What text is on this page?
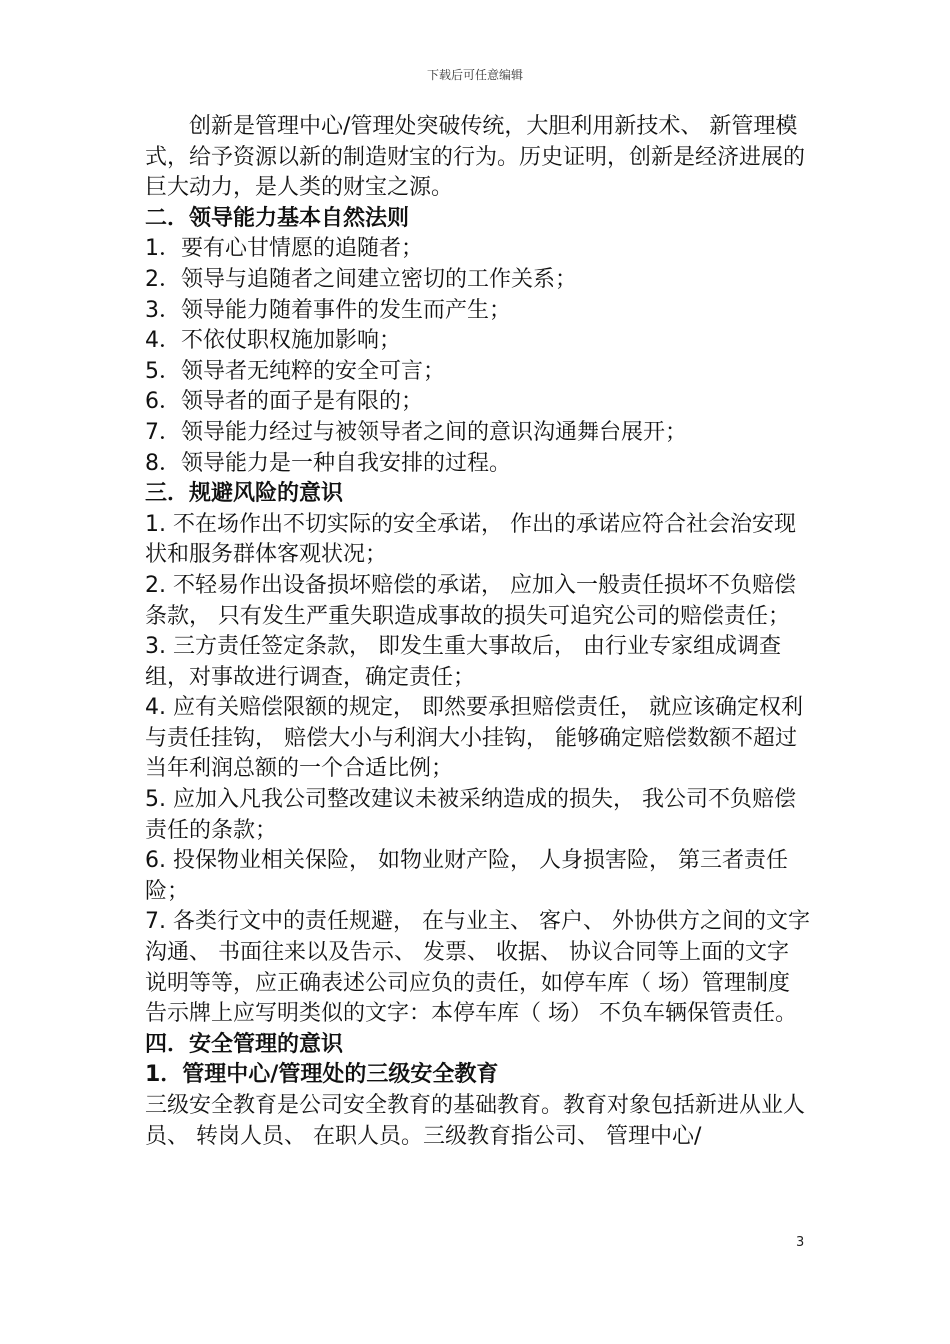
下载后可任意编辑

创新是管理中心/管理处突破传统，大胆利用新技术、 新管理模式，给予资源以新的制造财宝的行为。历史证明，创新是经济进展的巨大动力，是人类的财宝之源。

二．领导能力基本自然法则

1．要有心甘情愿的追随者；

2．领导与追随者之间建立密切的工作关系；

3．领导能力随着事件的发生而产生；

4．不依仗职权施加影响；

5．领导者无纯粹的安全可言；

6．领导者的面子是有限的；

7．领导能力经过与被领导者之间的意识沟通舞台展开；

8．领导能力是一种自我安排的过程。

三．规避风险的意识

1. 不在场作出不切实际的安全承诺， 作出的承诺应符合社会治安现状和服务群体客观状况；

2. 不轻易作出设备损坏赔偿的承诺， 应加入一般责任损坏不负赔偿条款， 只有发生严重失职造成事故的损失可追究公司的赔偿责任；

3. 三方责任签定条款， 即发生重大事故后， 由行业专家组成调查组，对事故进行调查，确定责任；

4. 应有关赔偿限额的规定， 即然要承担赔偿责任， 就应该确定权利与责任挂钩， 赔偿大小与利润大小挂钩， 能够确定赔偿数额不超过当年利润总额的一个合适比例；

5. 应加入凡我公司整改建议未被采纳造成的损失， 我公司不负赔偿责任的条款；

6. 投保物业相关保险， 如物业财产险， 人身损害险， 第三者责任险；

7. 各类行文中的责任规避， 在与业主、 客户、 外协供方之间的文字沟通、 书面往来以及告示、 发票、 收据、 协议合同等上面的文字说明等等，应正确表述公司应负的责任，如停车库（ 场）管理制度告示牌上应写明类似的文字：本停车库（ 场） 不负车辆保管责任。

四．安全管理的意识

1．管理中心/管理处的三级安全教育

三级安全教育是公司安全教育的基础教育。教育对象包括新进从业人员、 转岗人员、 在职人员。三级教育指公司、 管理中心/

3
